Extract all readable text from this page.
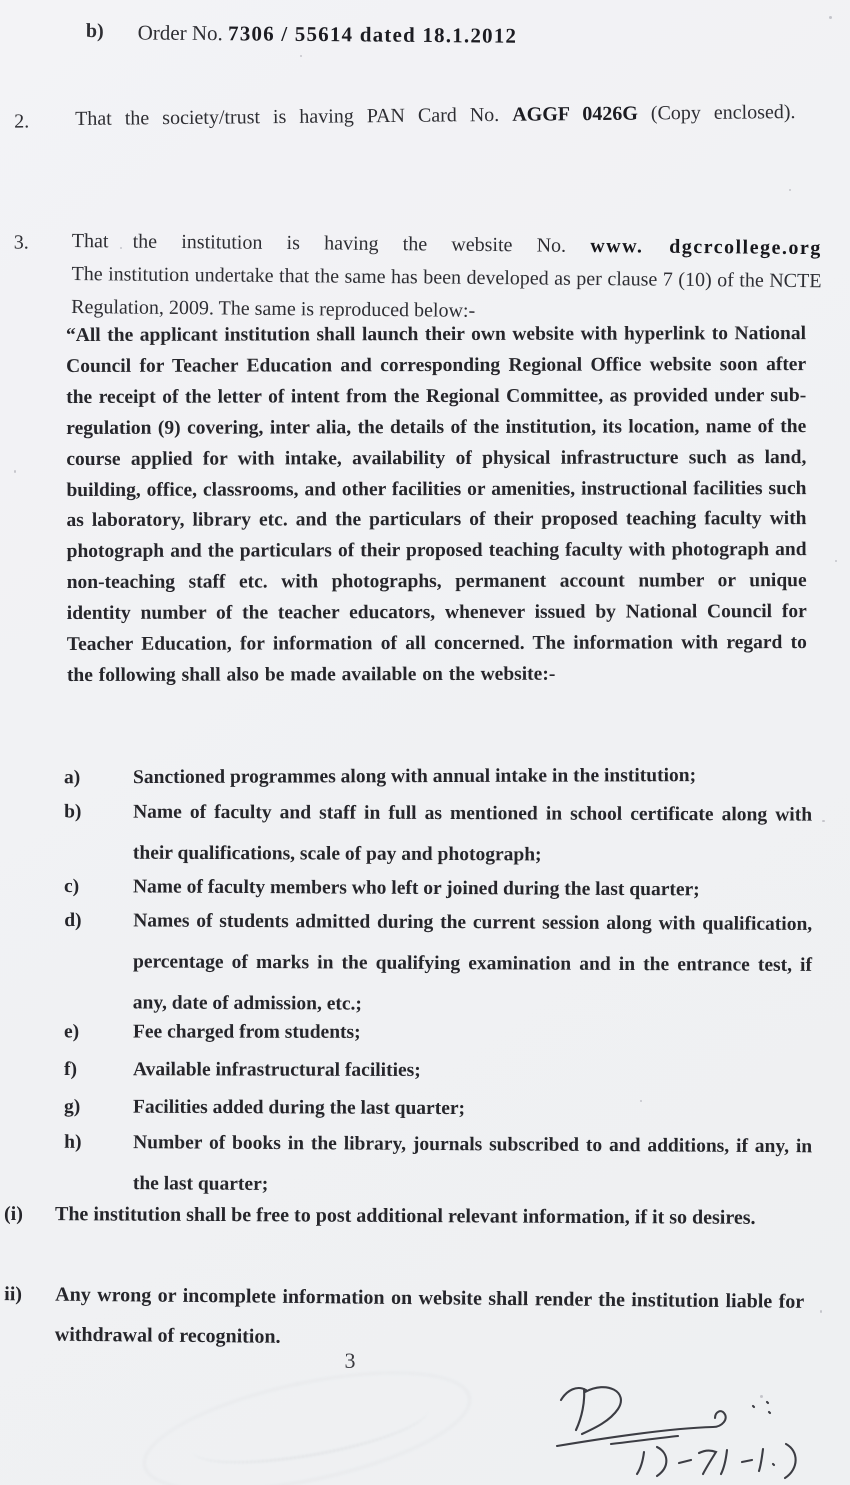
b) Order No. 7306 / 55614 dated 18.1.2012
2. That the society/trust is having PAN Card No. AGGF 0426G (Copy enclosed).
3. That the institution is having the website No. www. dgcrcollege.org
The institution undertake that the same has been developed as per clause 7 (10) of the NCTE Regulation, 2009. The same is reproduced below:-
“All the applicant institution shall launch their own website with hyperlink to National Council for Teacher Education and corresponding Regional Office website soon after the receipt of the letter of intent from the Regional Committee, as provided under sub-regulation (9) covering, inter alia, the details of the institution, its location, name of the course applied for with intake, availability of physical infrastructure such as land, building, office, classrooms, and other facilities or amenities, instructional facilities such as laboratory, library etc. and the particulars of their proposed teaching faculty with photograph and the particulars of their proposed teaching faculty with photograph and non-teaching staff etc. with photographs, permanent account number or unique identity number of the teacher educators, whenever issued by National Council for Teacher Education, for information of all concerned. The information with regard to the following shall also be made available on the website:-
a)	Sanctioned programmes along with annual intake in the institution;
b)	Name of faculty and staff in full as mentioned in school certificate along with their qualifications, scale of pay and photograph;
c)	Name of faculty members who left or joined during the last quarter;
d)	Names of students admitted during the current session along with qualification, percentage of marks in the qualifying examination and in the entrance test, if any, date of admission, etc.;
e)	Fee charged from students;
f)	Available infrastructural facilities;
g)	Facilities added during the last quarter;
h)	Number of books in the library, journals subscribed to and additions, if any, in the last quarter;
(i)	The institution shall be free to post additional relevant information, if it so desires.
ii)	Any wrong or incomplete information on website shall render the institution liable for withdrawal of recognition.
3
